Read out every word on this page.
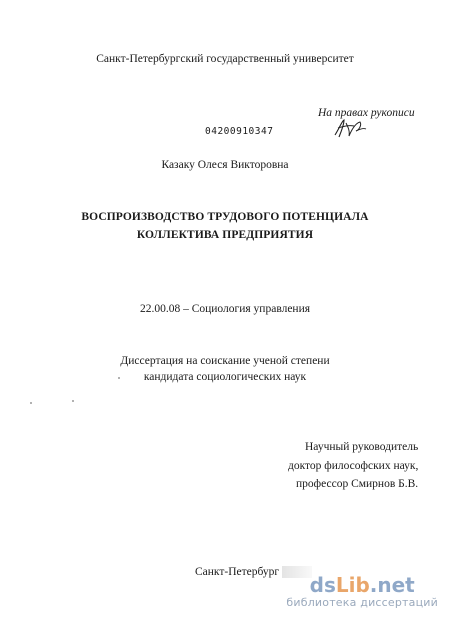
Санкт-Петербургский государственный университет
На правах рукописи
04200910347
Казаку Олеся Викторовна
ВОСПРОИЗВОДСТВО ТРУДОВОГО ПОТЕНЦИАЛА
КОЛЛЕКТИВА ПРЕДПРИЯТИЯ
22.00.08 – Социология управления
Диссертация на соискание ученой степени
кандидата социологических наук
Научный руководитель
доктор философских наук,
профессор Смирнов Б.В.
Санкт-Петербург
dsLib.net
библиотека диссертаций
